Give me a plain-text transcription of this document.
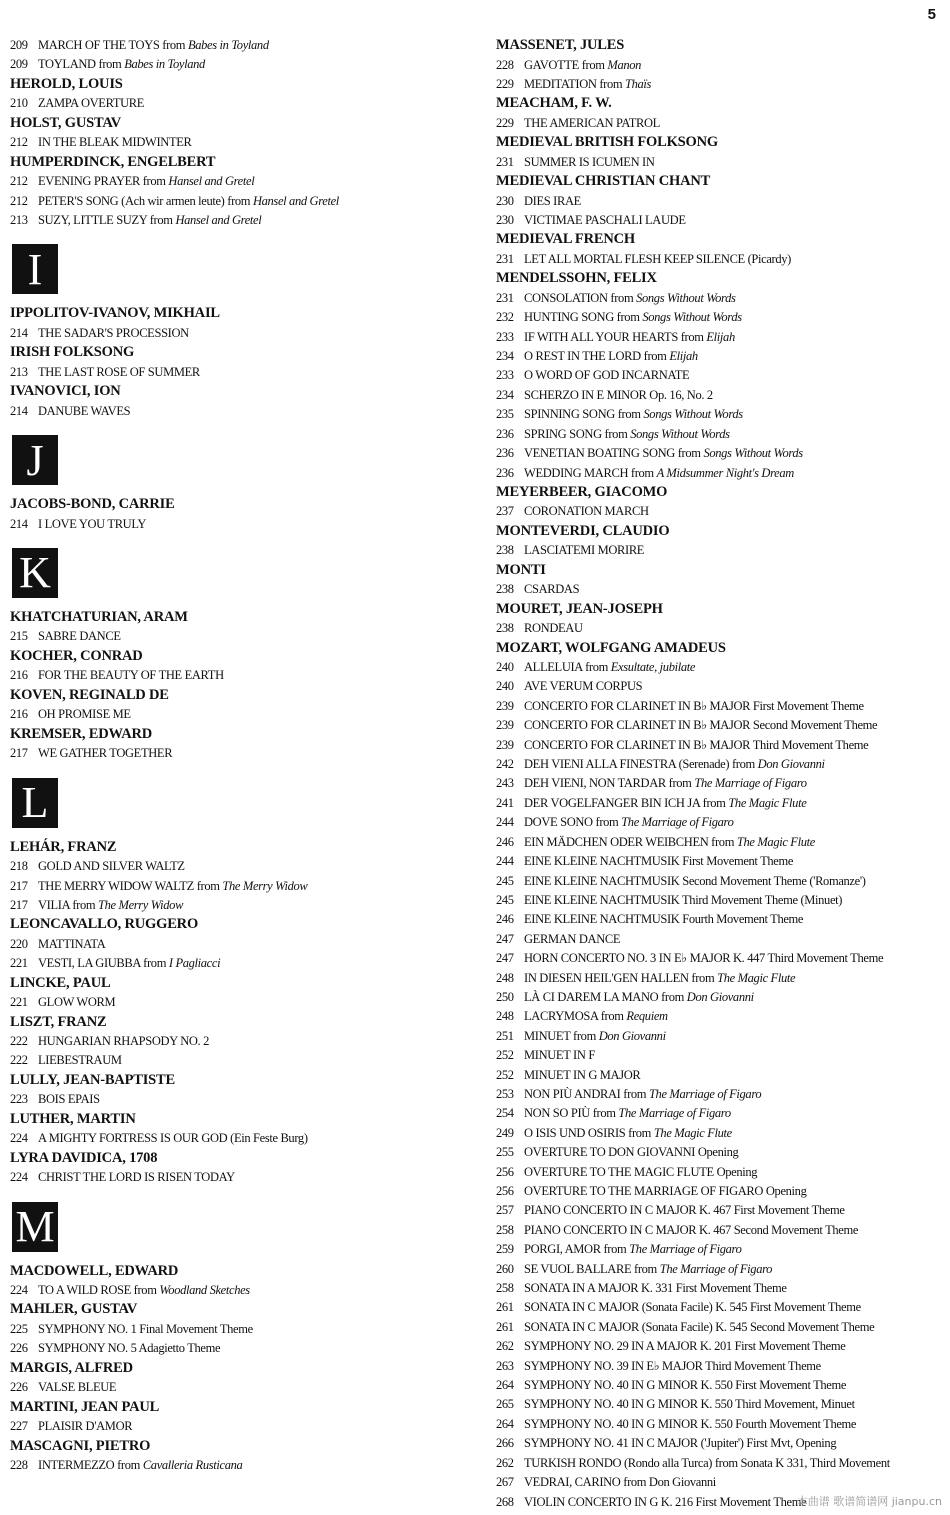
5
209 MARCH OF THE TOYS from Babes in Toyland
209 TOYLAND from Babes in Toyland
HEROLD, LOUIS
210 ZAMPA OVERTURE
HOLST, GUSTAV
212 IN THE BLEAK MIDWINTER
HUMPERDINCK, ENGELBERT
212 EVENING PRAYER from Hansel and Gretel
212 PETER'S SONG (Ach wir armen leute) from Hansel and Gretel
213 SUZY, LITTLE SUZY from Hansel and Gretel
I
IPPOLITOV-IVANOV, MIKHAIL
214 THE SADAR'S PROCESSION
IRISH FOLKSONG
213 THE LAST ROSE OF SUMMER
IVANOVICI, ION
214 DANUBE WAVES
J
JACOBS-BOND, CARRIE
214 I LOVE YOU TRULY
K
KHATCHATURIAN, ARAM
215 SABRE DANCE
KOCHER, CONRAD
216 FOR THE BEAUTY OF THE EARTH
KOVEN, REGINALD DE
216 OH PROMISE ME
KREMSER, EDWARD
217 WE GATHER TOGETHER
L
LEHÁR, FRANZ
218 GOLD AND SILVER WALTZ
217 THE MERRY WIDOW WALTZ from The Merry Widow
217 VILIA from The Merry Widow
LEONCAVALLO, RUGGERO
220 MATTINATA
221 VESTI, LA GIUBBA from I Pagliacci
LINCKE, PAUL
221 GLOW WORM
LISZT, FRANZ
222 HUNGARIAN RHAPSODY NO. 2
222 LIEBESTRAUM
LULLY, JEAN-BAPTISTE
223 BOIS EPAIS
LUTHER, MARTIN
224 A MIGHTY FORTRESS IS OUR GOD (Ein Feste Burg)
LYRA DAVIDICA, 1708
224 CHRIST THE LORD IS RISEN TODAY
M
MACDOWELL, EDWARD
224 TO A WILD ROSE from Woodland Sketches
MAHLER, GUSTAV
225 SYMPHONY NO. 1 Final Movement Theme
226 SYMPHONY NO. 5 Adagietto Theme
MARGIS, ALFRED
226 VALSE BLEUE
MARTINI, JEAN PAUL
227 PLAISIR D'AMOR
MASCAGNI, PIETRO
228 INTERMEZZO from Cavalleria Rusticana
MASSENET, JULES
228 GAVOTTE from Manon
229 MEDITATION from Thaïs
MEACHAM, F. W.
229 THE AMERICAN PATROL
MEDIEVAL BRITISH FOLKSONG
231 SUMMER IS ICUMEN IN
MEDIEVAL CHRISTIAN CHANT
230 DIES IRAE
230 VICTIMAE PASCHALI LAUDE
MEDIEVAL FRENCH
231 LET ALL MORTAL FLESH KEEP SILENCE (Picardy)
MENDELSSOHN, FELIX
231 CONSOLATION from Songs Without Words
232 HUNTING SONG from Songs Without Words
233 IF WITH ALL YOUR HEARTS from Elijah
234 O REST IN THE LORD from Elijah
233 O WORD OF GOD INCARNATE
234 SCHERZO IN E MINOR Op. 16, No. 2
235 SPINNING SONG from Songs Without Words
236 SPRING SONG from Songs Without Words
236 VENETIAN BOATING SONG from Songs Without Words
236 WEDDING MARCH from A Midsummer Night's Dream
MEYERBEER, GIACOMO
237 CORONATION MARCH
MONTEVERDI, CLAUDIO
238 LASCIATEMI MORIRE
MONTI
238 CSARDAS
MOURET, JEAN-JOSEPH
238 RONDEAU
MOZART, WOLFGANG AMADEUS
240 ALLELUIA from Exsultate, jubilate
240 AVE VERUM CORPUS
239 CONCERTO FOR CLARINET IN B♭ MAJOR First Movement Theme
239 CONCERTO FOR CLARINET IN B♭ MAJOR Second Movement Theme
239 CONCERTO FOR CLARINET IN B♭ MAJOR Third Movement Theme
242 DEH VIENI ALLA FINESTRA (Serenade) from Don Giovanni
243 DEH VIENI, NON TARDAR from The Marriage of Figaro
241 DER VOGELFANGER BIN ICH JA from The Magic Flute
244 DOVE SONO from The Marriage of Figaro
246 EIN MÄDCHEN ODER WEIBCHEN from The Magic Flute
244 EINE KLEINE NACHTMUSIK First Movement Theme
245 EINE KLEINE NACHTMUSIK Second Movement Theme ('Romanze')
245 EINE KLEINE NACHTMUSIK Third Movement Theme (Minuet)
246 EINE KLEINE NACHTMUSIK Fourth Movement Theme
247 GERMAN DANCE
247 HORN CONCERTO NO. 3 IN E♭ MAJOR K. 447 Third Movement Theme
248 IN DIESEN HEIL'GEN HALLEN from The Magic Flute
250 LÀ CI DAREM LA MANO from Don Giovanni
248 LACRYMOSA from Requiem
251 MINUET from Don Giovanni
252 MINUET IN F
252 MINUET IN G MAJOR
253 NON PIÙ ANDRAI from The Marriage of Figaro
254 NON SO PIÙ from The Marriage of Figaro
249 O ISIS UND OSIRIS from The Magic Flute
255 OVERTURE TO DON GIOVANNI Opening
256 OVERTURE TO THE MAGIC FLUTE Opening
256 OVERTURE TO THE MARRIAGE OF FIGARO Opening
257 PIANO CONCERTO IN C MAJOR K. 467 First Movement Theme
258 PIANO CONCERTO IN C MAJOR K. 467 Second Movement Theme
259 PORGI, AMOR from The Marriage of Figaro
260 SE VUOL BALLARE from The Marriage of Figaro
258 SONATA IN A MAJOR K. 331 First Movement Theme
261 SONATA IN C MAJOR (Sonata Facile) K. 545 First Movement Theme
261 SONATA IN C MAJOR (Sonata Facile) K. 545 Second Movement Theme
262 SYMPHONY NO. 29 IN A MAJOR K. 201 First Movement Theme
263 SYMPHONY NO. 39 IN E♭ MAJOR Third Movement Theme
264 SYMPHONY NO. 40 IN G MINOR K. 550 First Movement Theme
265 SYMPHONY NO. 40 IN G MINOR K. 550 Third Movement, Minuet
264 SYMPHONY NO. 40 IN G MINOR K. 550 Fourth Movement Theme
266 SYMPHONY NO. 41 IN C MAJOR ('Jupiter') First Mvt, Opening
262 TURKISH RONDO (Rondo alla Turca) from Sonata K 331, Third Movement
267 VEDRAI, CARINO from Don Giovanni
268 VIOLIN CONCERTO IN G K. 216 First Movement Theme
本曲谱 歌谱简谱网 jianpu.cn
